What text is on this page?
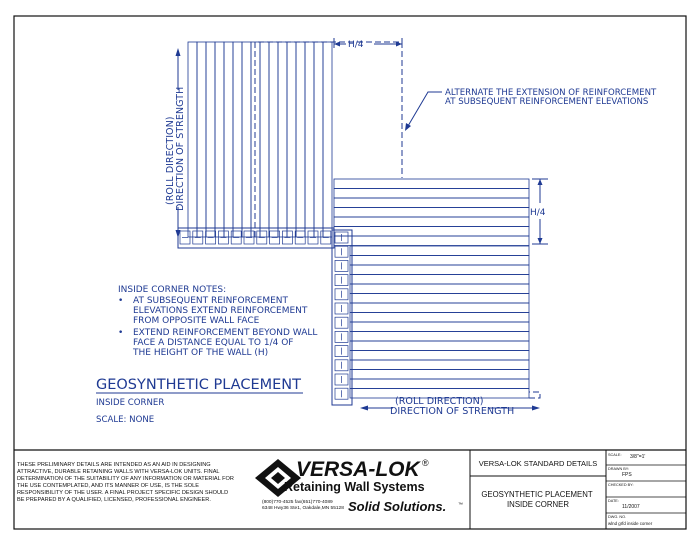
H/4
H/4
ALTERNATE THE EXTENSION OF REINFORCEMENT AT SUBSEQUENT REINFORCEMENT ELEVATIONS
(ROLL DIRECTION) DIRECTION OF STRENGTH
(ROLL DIRECTION) DIRECTION OF STRENGTH
INSIDE CORNER NOTES:
• AT SUBSEQUENT REINFORCEMENT ELEVATIONS EXTEND REINFORCEMENT FROM OPPOSITE WALL FACE
• EXTEND REINFORCEMENT BEYOND WALL FACE A DISTANCE EQUAL TO 1/4 OF THE HEIGHT OF THE WALL (H)
GEOSYNTHETIC PLACEMENT
INSIDE CORNER
SCALE: NONE
THESE PRELIMINARY DETAILS ARE INTENDED AS AN AID IN DESIGNING ATTRACTIVE, DURABLE RETAINING WALLS WITH VERSA-LOK UNITS. FINAL DETERMINATION OF THE SUITABILITY OF ANY INFORMATION OR MATERIAL FOR THE USE CONTEMPLATED, AND ITS MANNER OF USE, IS THE SOLE RESPONSIBILITY OF THE USER. A FINAL PROJECT SPECIFIC DESIGN SHOULD BE PREPARED BY A QUALIFIED, LICENSED, PROFESSIONAL ENGINEER.
VERSA-LOK ®
Retaining Wall Systems
(800)770-4525 fax(651)770-4089 6348 Hwy36 Ste1, Oakdale,MN 55128 Solid Solutions. ™
VERSA-LOK STANDARD DETAILS
GEOSYNTHETIC PLACEMENT INSIDE CORNER
SCALE: 3/8"=1'
DRAWN BY:
FPS
CHECKED BY:
DATE:
11/2007
DWG. NO.
wlnd grfd inside corner
